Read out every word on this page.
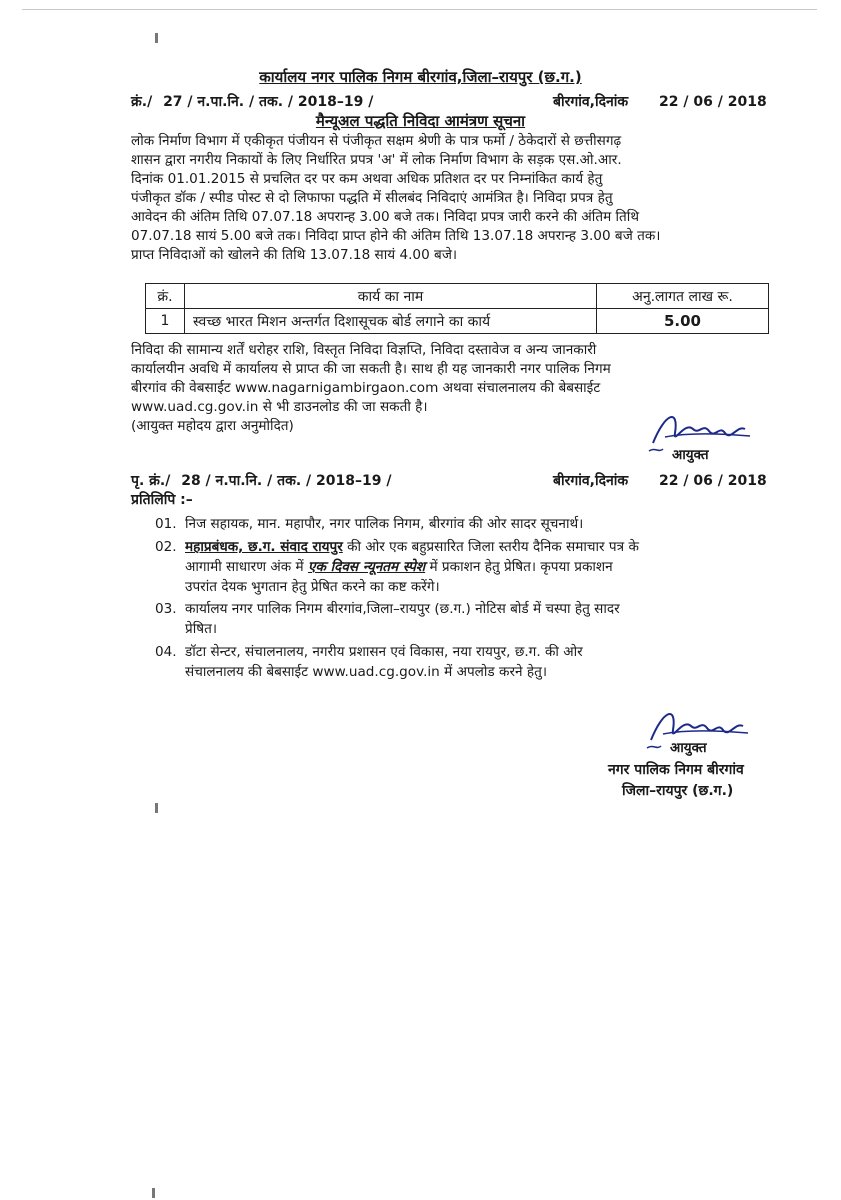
कार्यालय नगर पालिक निगम बीरगांव,जिला–रायपुर (छ.ग.)
क्रं./ 27 / न.पा.नि. / तक. / 2018–19 /	बीरगांव,दिनांक 22 / 06 / 2018
मैन्यूअल पद्धति निविदा आमंत्रण सूचना
लोक निर्माण विभाग में एकीकृत पंजीयन से पंजीकृत सक्षम श्रेणी के पात्र फर्मो / ठेकेदारों से छत्तीसगढ़
शासन द्वारा नगरीय निकायों के लिए निर्धारित प्रपत्र 'अ' में लोक निर्माण विभाग के सड़क एस.ओ.आर.
दिनांक 01.01.2015 से प्रचलित दर पर कम अथवा अधिक प्रतिशत दर पर निम्नांकित कार्य हेतु
पंजीकृत डॉक / स्पीड पोस्ट से दो लिफाफा पद्धति में सीलबंद निविदाएं आमंत्रित है। निविदा प्रपत्र हेतु
आवेदन की अंतिम तिथि 07.07.18 अपरान्ह 3.00 बजे तक। निविदा प्रपत्र जारी करने की अंतिम तिथि
07.07.18 सायं 5.00 बजे तक। निविदा प्राप्त होने की अंतिम तिथि 13.07.18 अपरान्ह 3.00 बजे तक।
प्राप्त निविदाओं को खोलने की तिथि 13.07.18 सायं 4.00 बजे।
क्रं.	कार्य का नाम	अनु.लागत लाख रू.
1	स्वच्छ भारत मिशन अन्तर्गत दिशासूचक बोर्ड लगाने का कार्य	5.00
निविदा की सामान्य शर्तें धरोहर राशि, विस्तृत निविदा विज्ञप्ति, निविदा दस्तावेज व अन्य जानकारी
कार्यालयीन अवधि में कार्यालय से प्राप्त की जा सकती है। साथ ही यह जानकारी नगर पालिक निगम
बीरगांव की वेबसाईट www.nagarnigambirgaon.com अथवा संचालनालय की बेबसाईट
www.uad.cg.gov.in से भी डाउनलोड की जा सकती है।
(आयुक्त महोदय द्वारा अनुमोदित)
आयुक्त
पृ. क्रं./ 28 / न.पा.नि. / तक. / 2018–19 /	बीरगांव,दिनांक 22 / 06 / 2018
प्रतिलिपि :–
01. निज सहायक, मान. महापौर, नगर पालिक निगम, बीरगांव की ओर सादर सूचनार्थ।
02. महाप्रबंधक, छ.ग. संवाद रायपुर की ओर एक बहुप्रसारित जिला स्तरीय दैनिक समाचार पत्र के
आगामी साधारण अंक में एक दिवस न्यूनतम स्पेश में प्रकाशन हेतु प्रेषित। कृपया प्रकाशन
उपरांत देयक भुगतान हेतु प्रेषित करने का कष्ट करेंगे।
03. कार्यालय नगर पालिक निगम बीरगांव,जिला–रायपुर (छ.ग.) नोटिस बोर्ड में चस्पा हेतु सादर
प्रेषित।
04. डॉटा सेन्टर, संचालनालय, नगरीय प्रशासन एवं विकास, नया रायपुर, छ.ग. की ओर
संचालनालय की बेबसाईट www.uad.cg.gov.in में अपलोड करने हेतु।
आयुक्त
नगर पालिक निगम बीरगांव
जिला–रायपुर (छ.ग.)
